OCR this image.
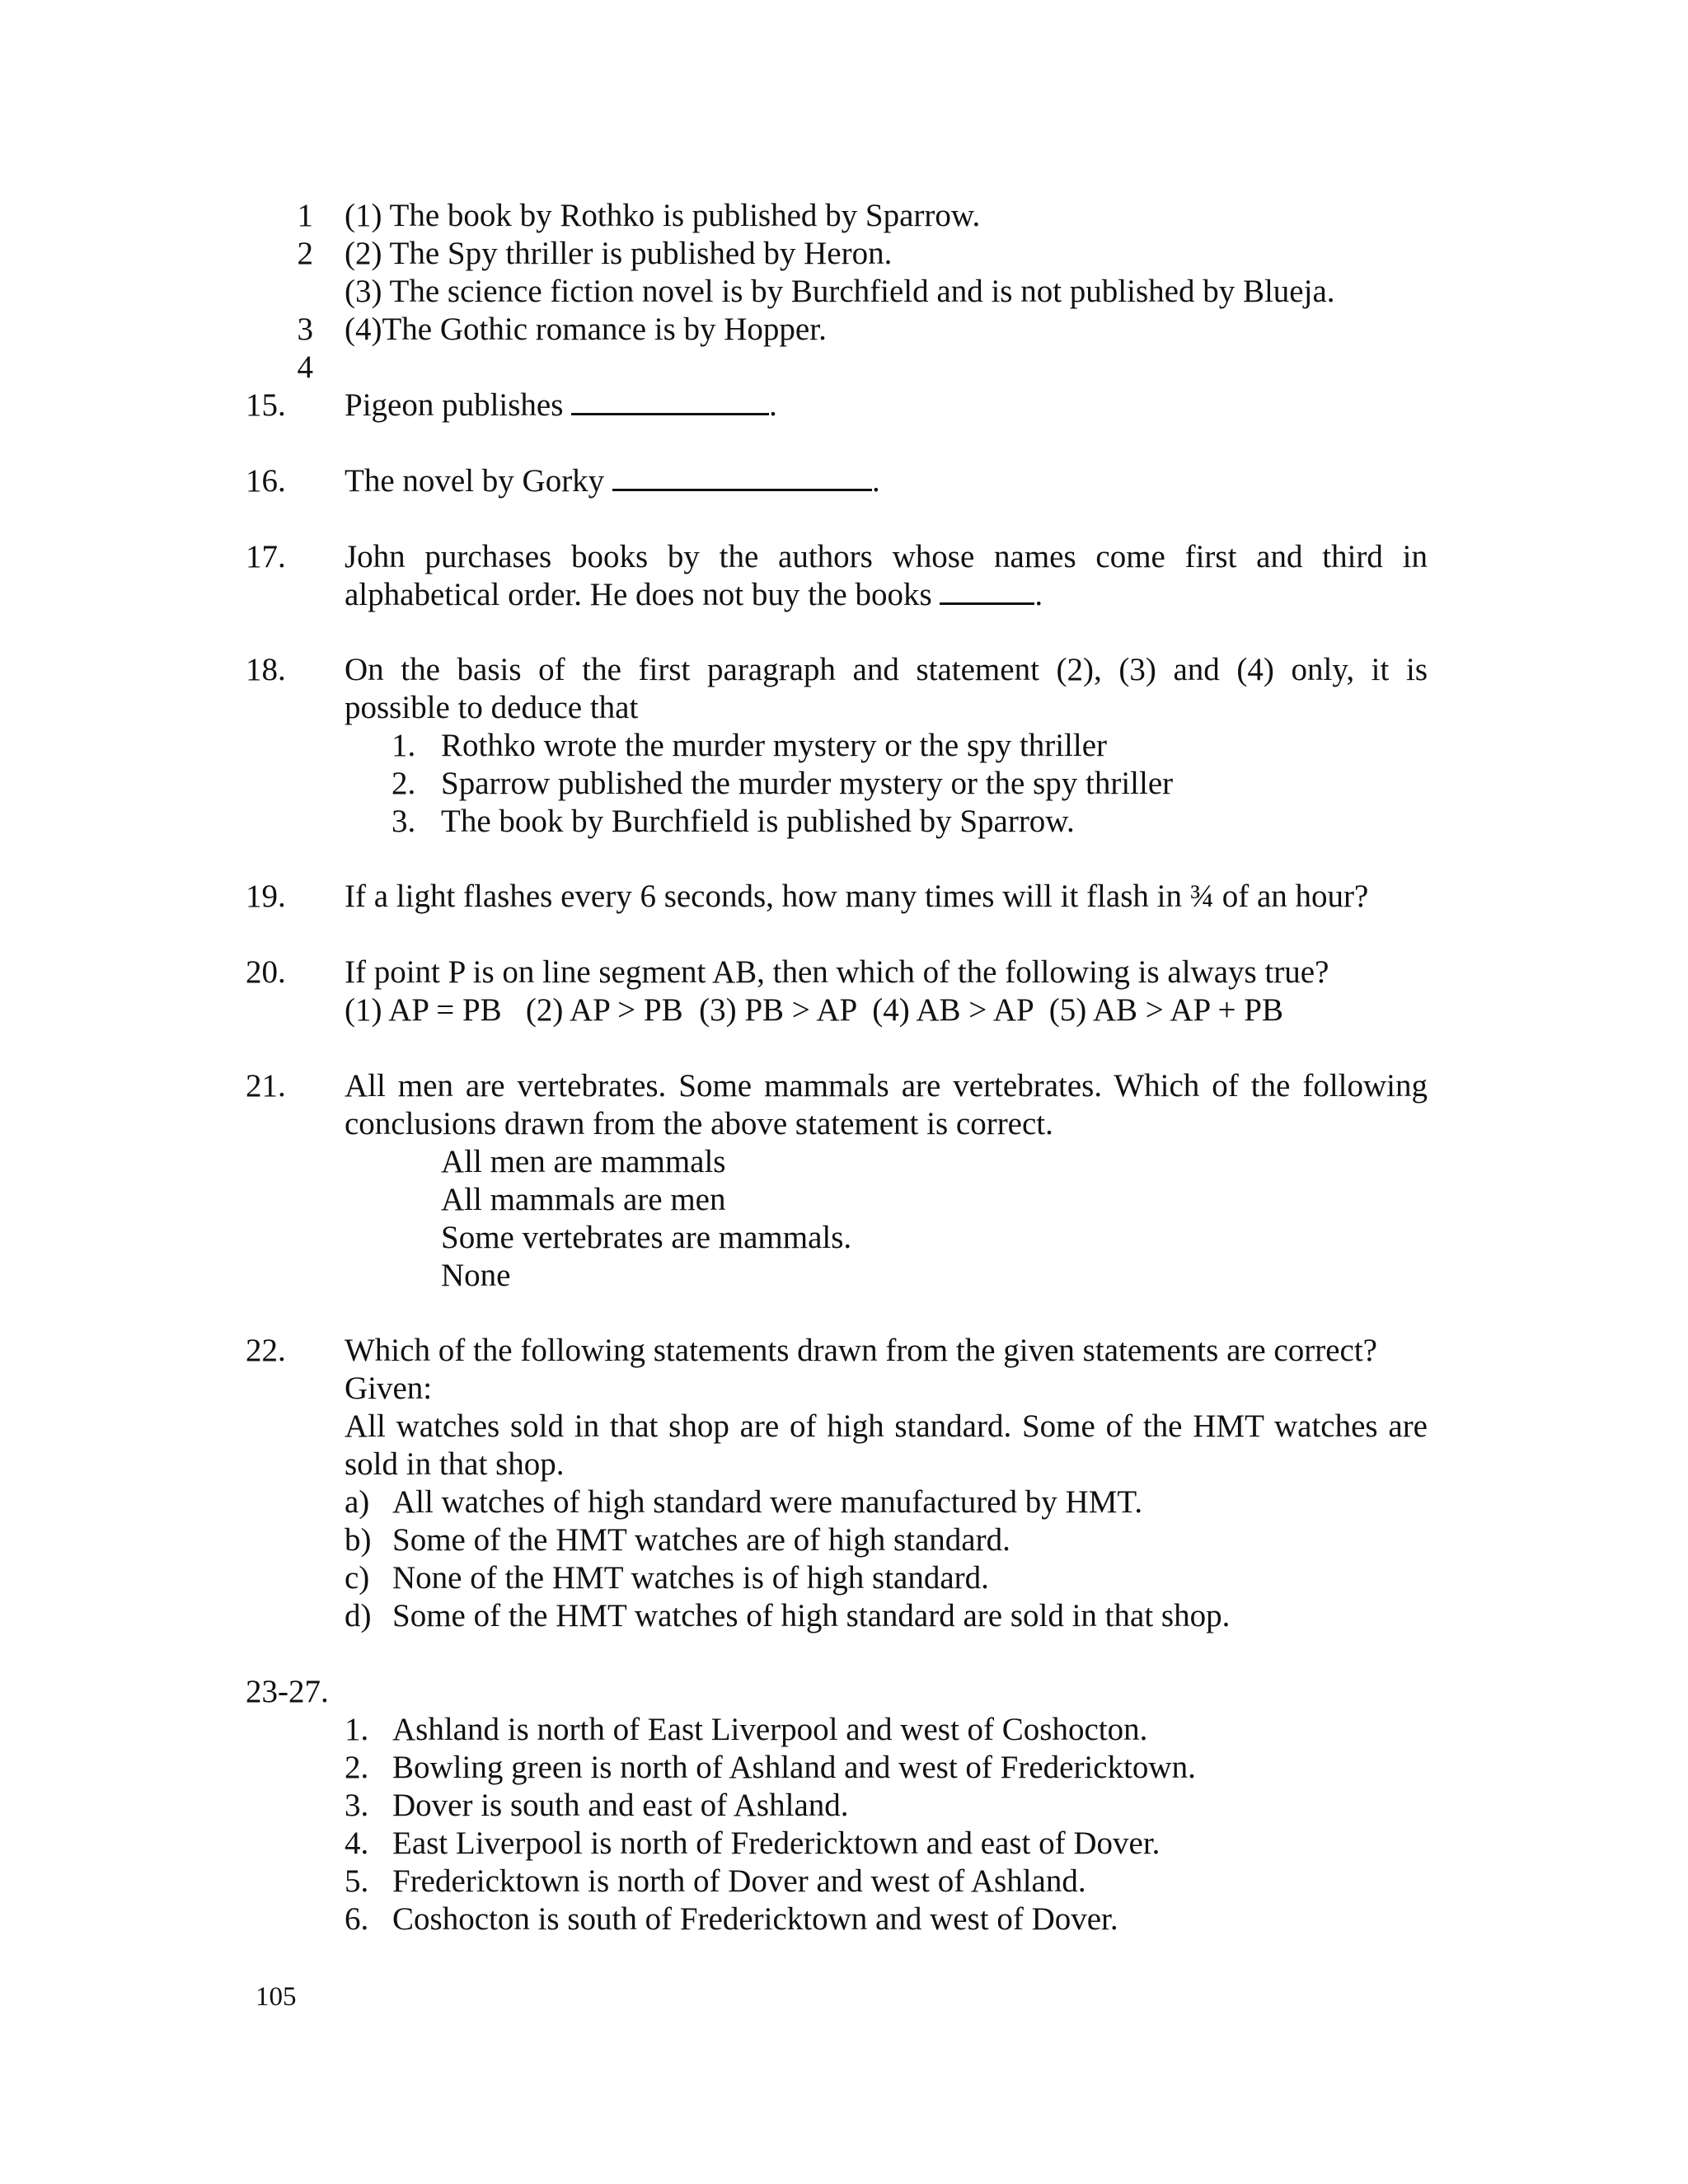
1
2
3
4
(1) The book by Rothko is published by Sparrow.
(2) The Spy thriller is published by Heron.
(3) The science fiction novel is by Burchfield and is not published by Blueja.
(4)The Gothic romance is by Hopper.
15. Pigeon publishes	.
16. The novel by Gorky	.
17. John purchases books by the authors whose names come first and third in
alphabetical order. He does not buy the books	.
18. On the basis of the first paragraph and statement (2), (3) and (4) only, it is
possible to deduce that
1. Rothko wrote the murder mystery or the spy thriller
2. Sparrow published the murder mystery or the spy thriller
3. The book by Burchfield is published by Sparrow.
19. If a light flashes every 6 seconds, how many times will it flash in ¾ of an hour?
20. If point P is on line segment AB, then which of the following is always true?
(1) AP = PB   (2) AP > PB  (3) PB > AP  (4) AB > AP  (5) AB > AP + PB
21. All men are vertebrates. Some mammals are vertebrates. Which of the following
conclusions drawn from the above statement is correct.
All men are mammals
All mammals are men
Some vertebrates are mammals.
None
22. Which of the following statements drawn from the given statements are correct?
Given:
All watches sold in that shop are of high standard. Some of the HMT watches are
sold in that shop.
a) All watches of high standard were manufactured by HMT.
b) Some of the HMT watches are of high standard.
c) None of the HMT watches is of high standard.
d) Some of the HMT watches of high standard are sold in that shop.
23-27.
1. Ashland is north of East Liverpool and west of Coshocton.
2. Bowling green is north of Ashland and west of Fredericktown.
3. Dover is south and east of Ashland.
4. East Liverpool is north of Fredericktown and east of Dover.
5. Fredericktown is north of Dover and west of Ashland.
6. Coshocton is south of Fredericktown and west of Dover.
105
